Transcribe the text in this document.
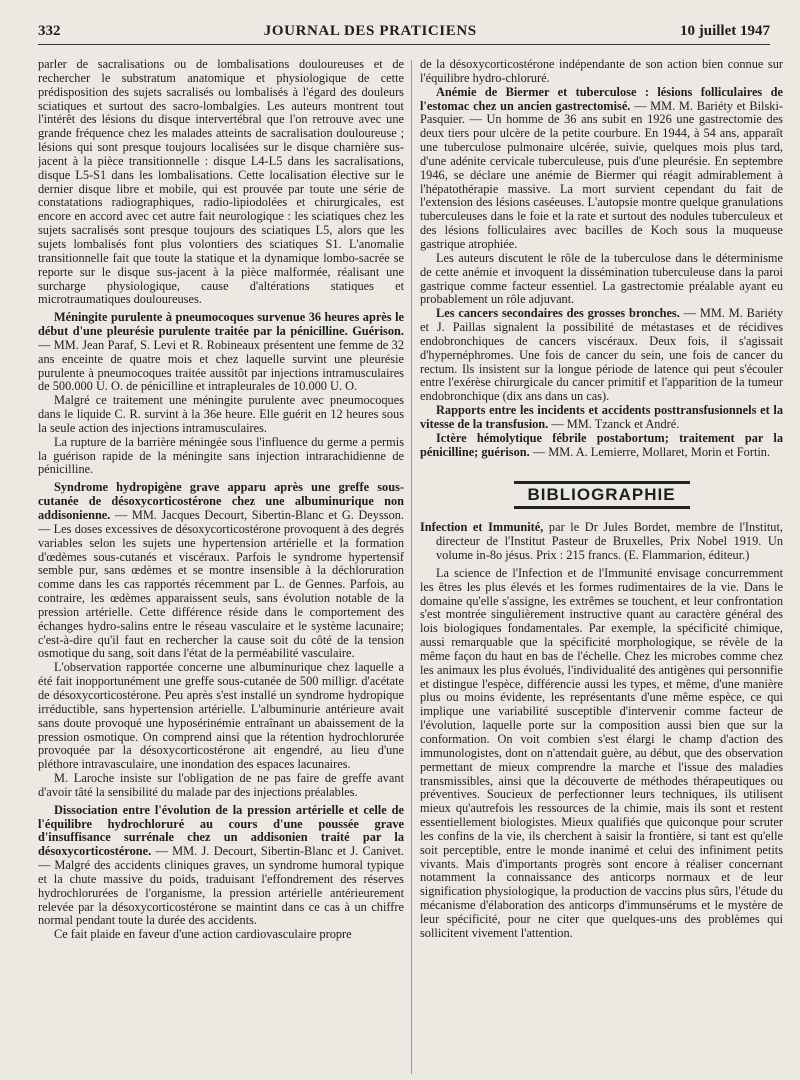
332	JOURNAL DES PRATICIENS	10 juillet 1947

parler de sacralisations ou de lombalisations douloureuses et de rechercher le substratum anatomique et physiologique de cette prédisposition des sujets sacralisés ou lombalisés à l'égard des douleurs sciatiques et surtout des sacro-lombalgies. Les auteurs montrent tout l'intérêt des lésions du disque intervertébral que l'on retrouve avec une grande fréquence chez les malades atteints de sacralisation douloureuse ; lésions qui sont presque toujours localisées sur le disque charnière sus-jacent à la pièce transitionnelle : disque L4-L5 dans les sacralisations, disque L5-S1 dans les lombalisations. Cette localisation élective sur le dernier disque libre et mobile, qui est prouvée par toute une série de constatations radiographiques, radio-lipiodolées et chirurgicales, est encore en accord avec cet autre fait neurologique : les sciatiques chez les sujets sacralisés sont presque toujours des sciatiques L5, alors que les sujets lombalisés font plus volontiers des sciatiques S1. L'anomalie transitionnelle fait que toute la statique et la dynamique lombo-sacrée se reporte sur le disque sus-jacent à la pièce malformée, réalisant une surcharge physiologique, cause d'altérations statiques et microtraumatiques douloureuses.

Méningite purulente à pneumocoques survenue 36 heures après le début d'une pleurésie purulente traitée par la pénicilline. Guérison. — MM. Jean Paraf, S. Levi et R. Robineaux présentent une femme de 32 ans enceinte de quatre mois et chez laquelle survint une pleurésie purulente à pneumocoques traitée aussitôt par injections intramusculaires de 500.000 U. O. de pénicilline et intrapleurales de 10.000 U. O.

Malgré ce traitement une méningite purulente avec pneumocoques dans le liquide C. R. survint à la 36e heure. Elle guérit en 12 heures sous la seule action des injections intramusculaires.

La rupture de la barrière méningée sous l'influence du germe a permis la guérison rapide de la méningite sans injection intrarachidienne de pénicilline.

Syndrome hydropigène grave apparu après une greffe sous-cutanée de désoxycorticostérone chez une albuminurique non addisonienne. — MM. Jacques Decourt, Sibertin-Blanc et G. Deysson. — Les doses excessives de désoxycorticostérone provoquent à des degrés variables selon les sujets une hypertension artérielle et la formation d'œdèmes sous-cutanés et viscéraux. Parfois le syndrome hypertensif semble pur, sans œdèmes et se montre insensible à la déchloruration comme dans les cas rapportés récemment par L. de Gennes. Parfois, au contraire, les œdèmes apparaissent seuls, sans évolution notable de la pression artérielle. Cette différence réside dans le comportement des échanges hydro-salins entre le réseau vasculaire et le système lacunaire; c'est-à-dire qu'il faut en rechercher la cause soit du côté de la tension osmotique du sang, soit dans l'état de la perméabilité vasculaire.

L'observation rapportée concerne une albuminurique chez laquelle a été fait inopportunément une greffe sous-cutanée de 500 milligr. d'acétate de désoxycorticostérone. Peu après s'est installé un syndrome hydropique irréductible, sans hypertension artérielle. L'albuminurie antérieure avait sans doute provoqué une hyposérinémie entraînant un abaissement de la pression osmotique. On comprend ainsi que la rétention hydrochlorurée provoquée par la désoxycorticostérone ait engendré, au lieu d'une pléthore intravasculaire, une inondation des espaces lacunaires.

M. Laroche insiste sur l'obligation de ne pas faire de greffe avant d'avoir tâté la sensibilité du malade par des injections préalables.

Dissociation entre l'évolution de la pression artérielle et celle de l'équilibre hydrochloruré au cours d'une poussée grave d'insuffisance surrénale chez un addisonien traité par la désoxycorticostérone. — MM. J. Decourt, Sibertin-Blanc et J. Canivet. — Malgré des accidents cliniques graves, un syndrome humoral typique et la chute massive du poids, traduisant l'effondrement des réserves hydrochlorurées de l'organisme, la pression artérielle antérieurement relevée par la désoxycorticostérone se maintint dans ce cas à un chiffre normal pendant toute la durée des accidents.

Ce fait plaide en faveur d'une action cardiovasculaire propre

de la désoxycorticostérone indépendante de son action bien connue sur l'équilibre hydro-chloruré.

Anémie de Biermer et tuberculose : lésions folliculaires de l'estomac chez un ancien gastrectomisé. — MM. M. Bariéty et Bilski-Pasquier. — Un homme de 36 ans subit en 1926 une gastrectomie des deux tiers pour ulcère de la petite courbure. En 1944, à 54 ans, apparaît une tuberculose pulmonaire ulcérée, suivie, quelques mois plus tard, d'une adénite cervicale tuberculeuse, puis d'une pleurésie. En septembre 1946, se déclare une anémie de Biermer qui réagit admirablement à l'hépatothérapie massive. La mort survient cependant du fait de l'extension des lésions caséeuses. L'autopsie montre quelque granulations tuberculeuses dans le foie et la rate et surtout des nodules tuberculeux et des lésions folliculaires avec bacilles de Koch sous la muqueuse gastrique atrophiée.

Les auteurs discutent le rôle de la tuberculose dans le déterminisme de cette anémie et invoquent la dissémination tuberculeuse dans la paroi gastrique comme facteur essentiel. La gastrectomie préalable ayant eu probablement un rôle adjuvant.

Les cancers secondaires des grosses bronches. — MM. M. Bariéty et J. Paillas signalent la possibilité de métastases et de récidives endobronchiques de cancers viscéraux. Deux fois, il s'agissait d'hypernéphromes. Une fois de cancer du sein, une fois de cancer du rectum. Ils insistent sur la longue période de latence qui peut s'écouler entre l'exérèse chirurgicale du cancer primitif et l'apparition de la tumeur endobronchique (dix ans dans un cas).

Rapports entre les incidents et accidents posttransfusionnels et la vitesse de la transfusion. — MM. Tzanck et André.

Ictère hémolytique fébrile postabortum; traitement par la pénicilline; guérison. — MM. A. Lemierre, Mollaret, Morin et Fortin.

BIBLIOGRAPHIE

Infection et Immunité, par le Dr Jules Bordet, membre de l'Institut, directeur de l'Institut Pasteur de Bruxelles, Prix Nobel 1919. Un volume in-8o jésus. Prix : 215 francs. (E. Flammarion, éditeur.)

La science de l'Infection et de l'Immunité envisage concurremment les êtres les plus élevés et les formes rudimentaires de la vie. Dans le domaine qu'elle s'assigne, les extrêmes se touchent, et leur confrontation s'est montrée singulièrement instructive quant au caractère général des lois biologiques fondamentales. Par exemple, la spécificité chimique, aussi remarquable que la spécificité morphologique, se révèle de la même façon du haut en bas de l'échelle. Chez les microbes comme chez les animaux les plus évolués, l'individualité des antigènes qui personnifie et distingue l'espèce, différencie aussi les types, et même, d'une manière plus ou moins évidente, les représentants d'une même espèce, ce qui implique une variabilité susceptible d'intervenir comme facteur de l'évolution, laquelle porte sur la composition aussi bien que sur la conformation. On voit combien s'est élargi le champ d'action des immunologistes, dont on n'attendait guère, au début, que des observation permettant de mieux comprendre la marche et l'issue des maladies transmissibles, ainsi que la découverte de méthodes thérapeutiques ou préventives. Soucieux de perfectionner leurs techniques, ils utilisent mieux qu'autrefois les ressources de la chimie, mais ils sont et restent essentiellement biologistes. Mieux qualifiés que quiconque pour scruter les confins de la vie, ils cherchent à saisir la frontière, si tant est qu'elle soit perceptible, entre le monde inanimé et celui des infiniment petits vivants. Mais d'importants progrès sont encore à réaliser concernant notamment la connaissance des anticorps normaux et de leur signification physiologique, la production de vaccins plus sûrs, l'étude du mécanisme d'élaboration des anticorps d'immunsérums et le mystère de leur spécificité, pour ne citer que quelques-uns des problèmes qui sollicitent vivement l'attention.
